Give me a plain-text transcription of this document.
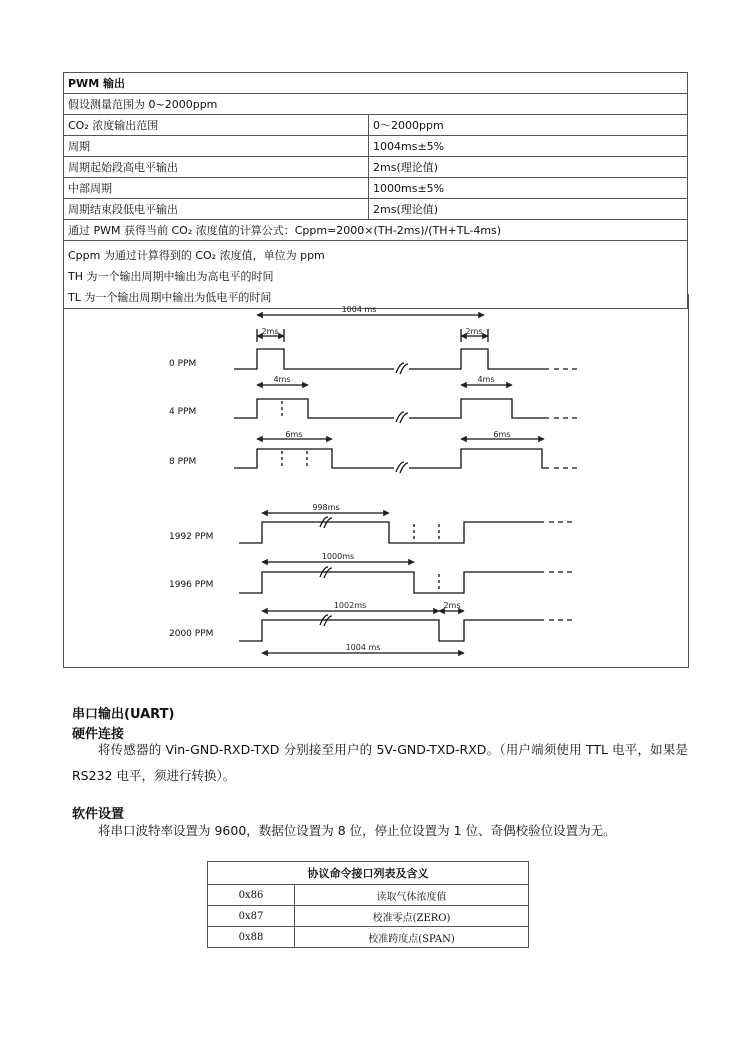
PWM 输出	
假设测量范围为 0~2000ppm	
CO₂ 浓度输出范围	0～2000ppm
周期	1004ms±5%
周期起始段高电平输出	2ms(理论值)
中部周期	1000ms±5%
周期结束段低电平输出	2ms(理论值)
通过 PWM 获得当前 CO₂ 浓度值的计算公式：Cppm=2000×(TH-2ms)/(TH+TL-4ms)	

Cppm 为通过计算得到的 CO₂ 浓度值，单位为 ppm
TH 为一个输出周期中输出为高电平的时间
TL 为一个输出周期中输出为低电平的时间	
1004 ms
2ms	2ms
4ms	4ms
6ms	6ms
998ms
1000ms
1002ms	2ms
1004 ms
0 PPM
4 PPM
8 PPM
1992 PPM
1996 PPM
2000 PPM
串口输出(UART)
硬件连接
将传感器的 Vin-GND-RXD-TXD 分别接至用户的 5V-GND-TXD-RXD。（用户端须使用 TTL 电平，如果是 RS232 电平，须进行转换）。
软件设置
将串口波特率设置为 9600，数据位设置为 8 位，停止位设置为 1 位、奇偶校验位设置为无。
协议命令接口列表及含义	
0x86	读取气体浓度值
0x87	校准零点(ZERO)
0x88	校准跨度点(SPAN)
